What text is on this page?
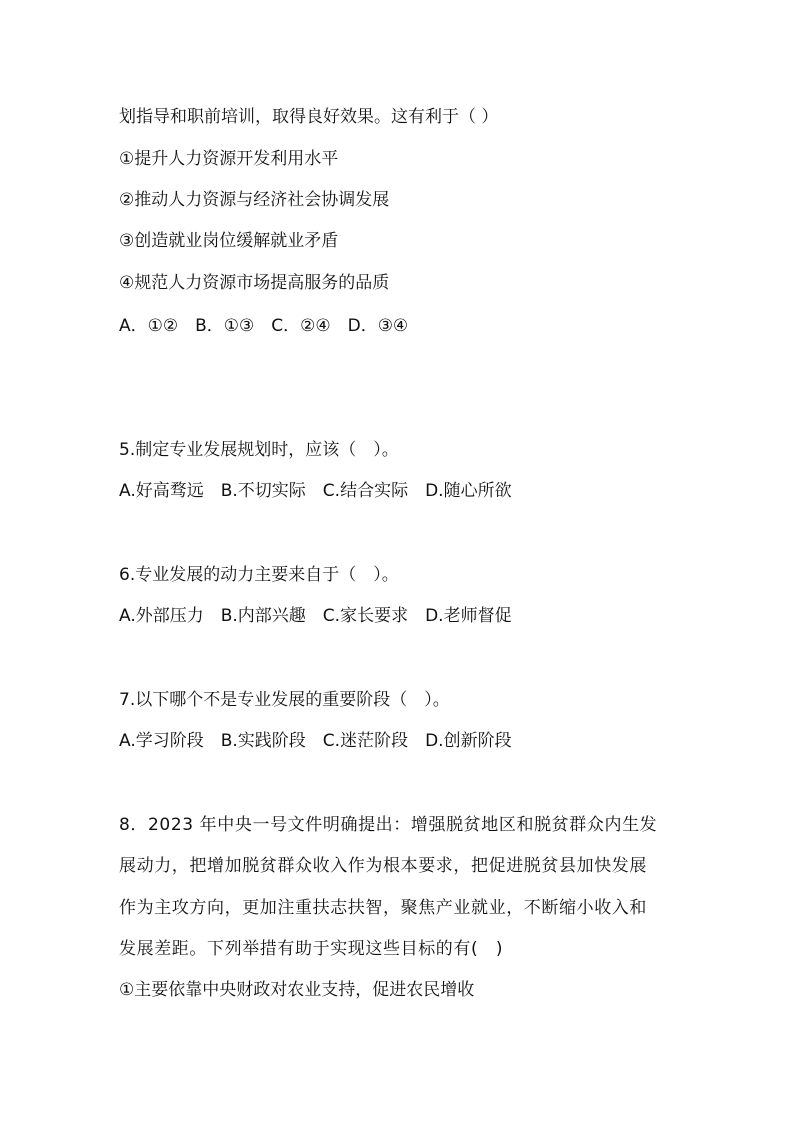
划指导和职前培训，取得良好效果。这有利于（ ）
①提升人力资源开发利用水平
②推动人力资源与经济社会协调发展
③创造就业岗位缓解就业矛盾
④规范人力资源市场提高服务的品质
A．①②　B．①③　C．②④　D．③④
5.制定专业发展规划时，应该（　）。
A.好高骛远　B.不切实际　C.结合实际　D.随心所欲
6.专业发展的动力主要来自于（　）。
A.外部压力　B.内部兴趣　C.家长要求　D.老师督促
7.以下哪个不是专业发展的重要阶段（　）。
A.学习阶段　B.实践阶段　C.迷茫阶段　D.创新阶段
8．2023 年中央一号文件明确提出：增强脱贫地区和脱贫群众内生发
展动力，把增加脱贫群众收入作为根本要求，把促进脱贫县加快发展
作为主攻方向，更加注重扶志扶智，聚焦产业就业，不断缩小收入和
发展差距。下列举措有助于实现这些目标的有(　)
①主要依靠中央财政对农业支持，促进农民增收
